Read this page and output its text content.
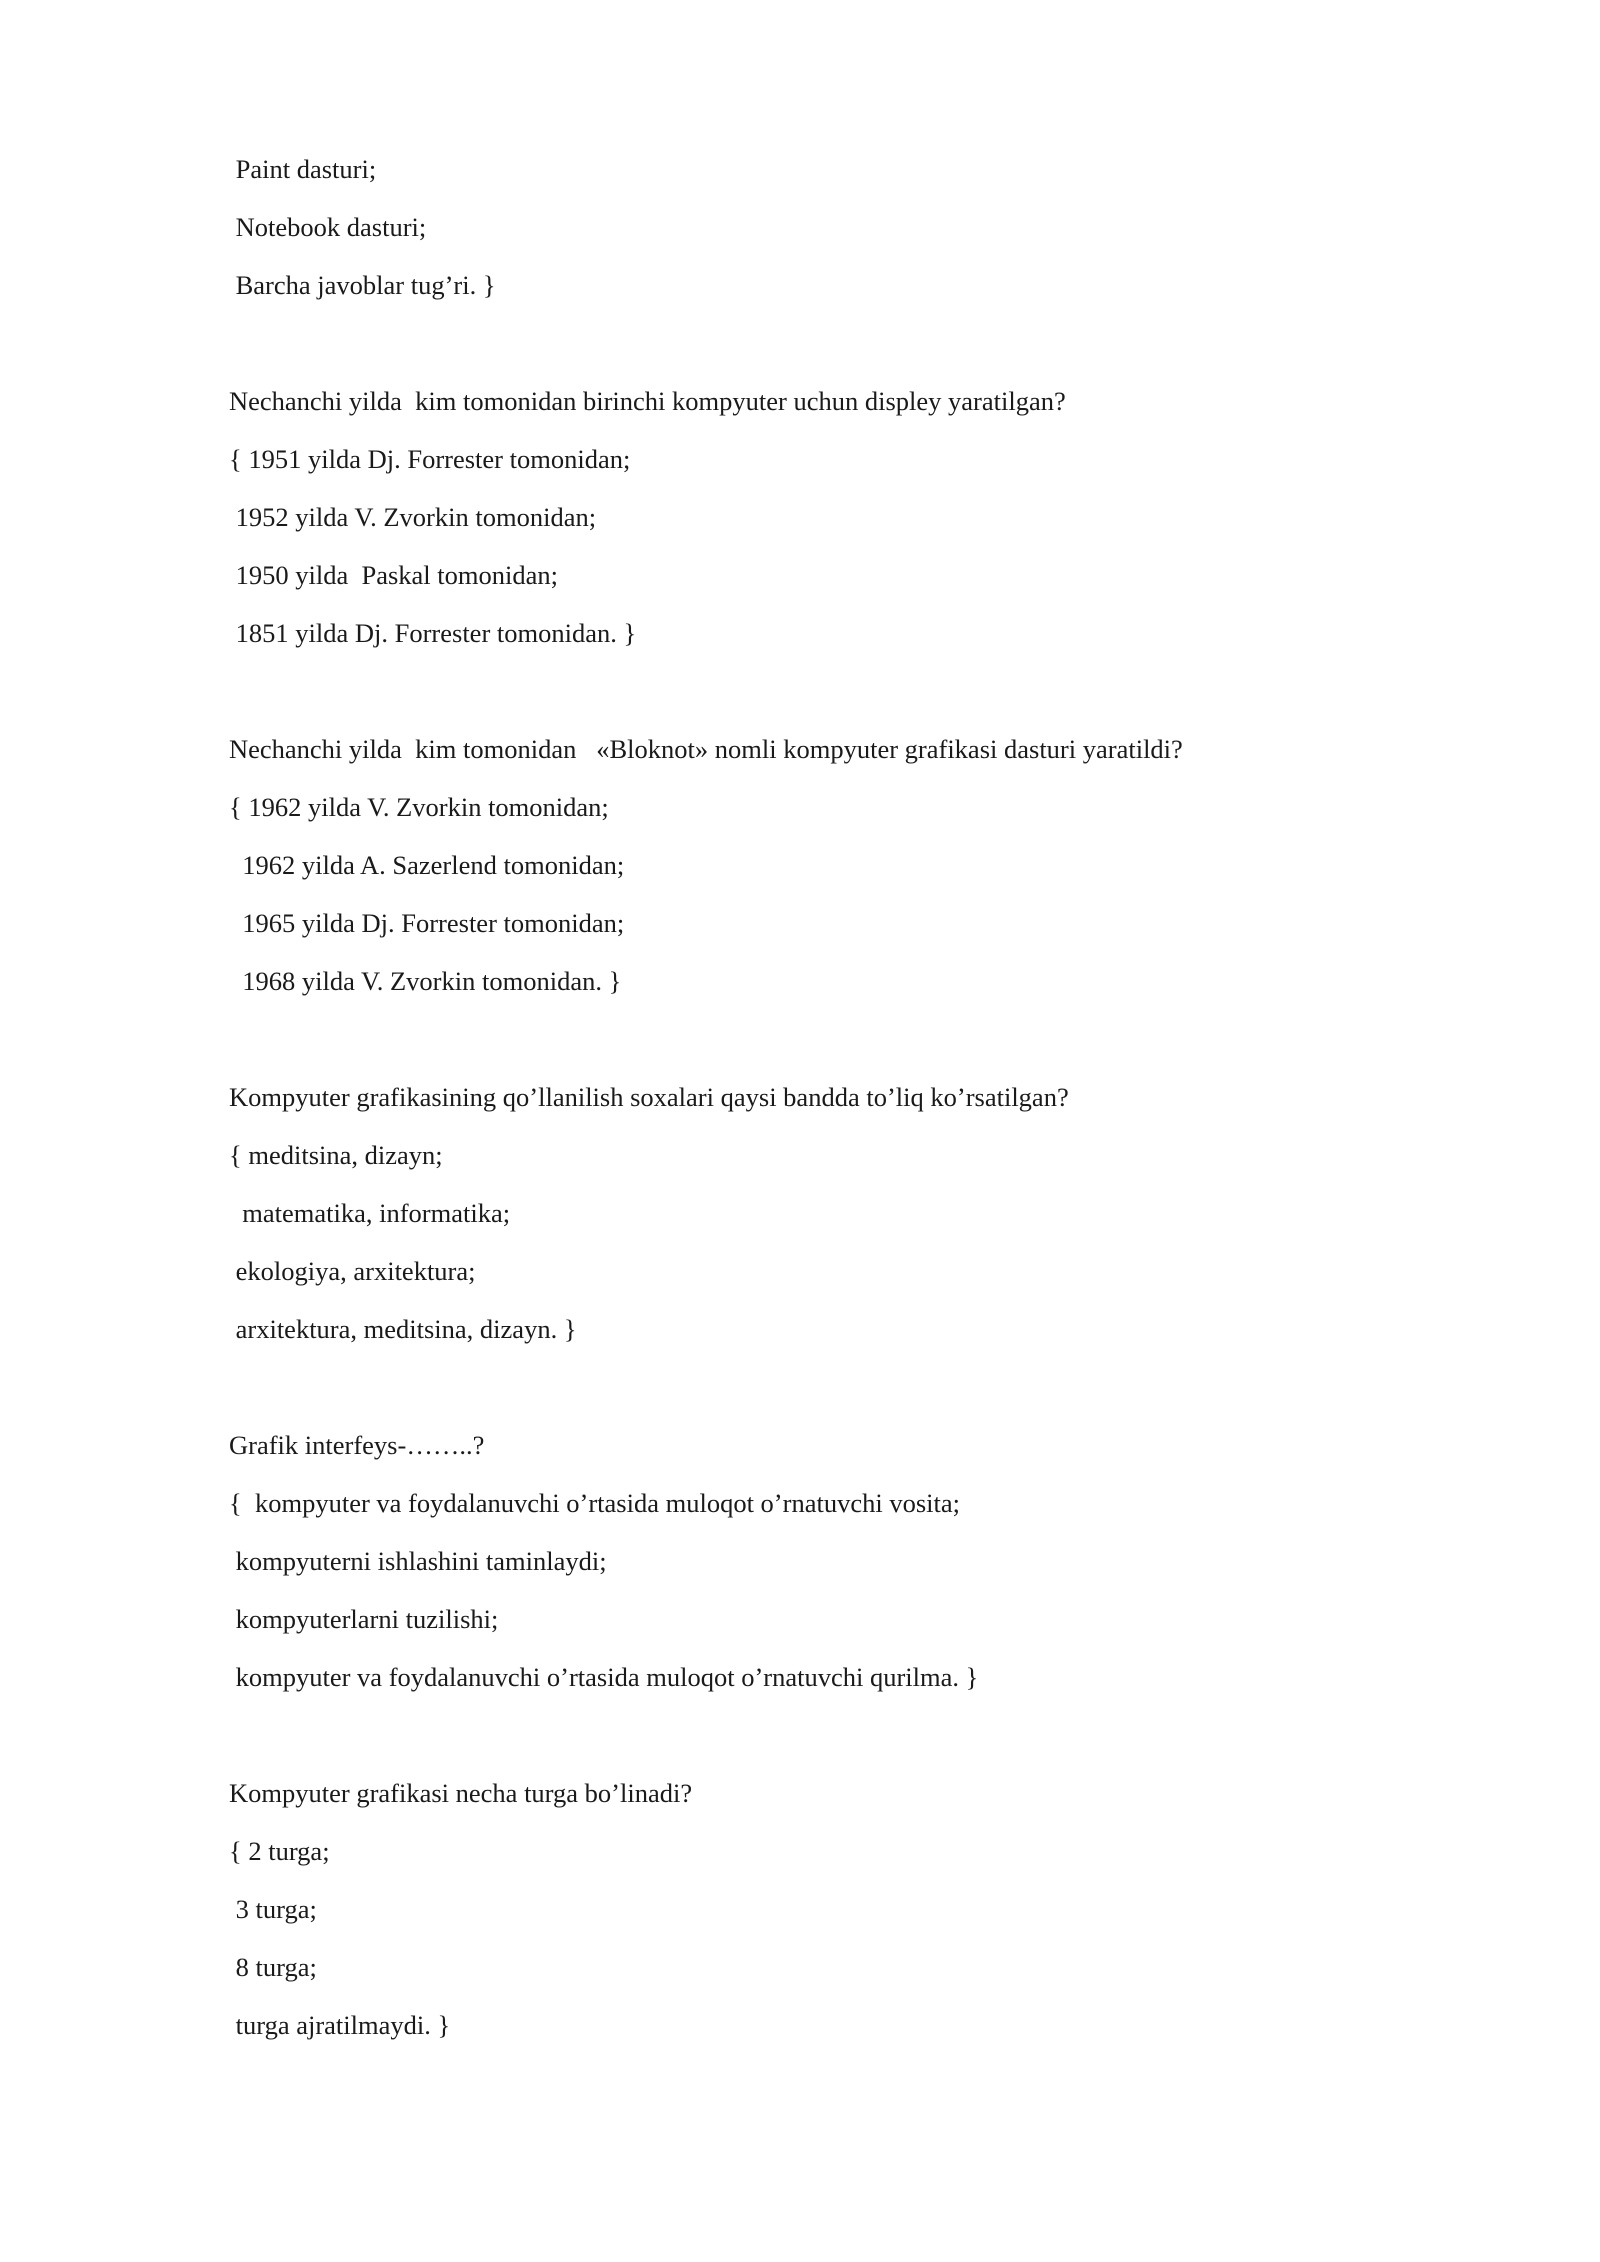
Paint dasturi;
Notebook dasturi;
Barcha javoblar tug’ri. }
Nechanchi yilda  kim tomonidan birinchi kompyuter uchun displey yaratilgan?
{ 1951 yilda Dj. Forrester tomonidan;
1952 yilda V. Zvorkin tomonidan;
1950 yilda  Paskal tomonidan;
1851 yilda Dj. Forrester tomonidan. }
Nechanchi yilda  kim tomonidan   «Bloknot» nomli kompyuter grafikasi dasturi yaratildi?
{ 1962 yilda V. Zvorkin tomonidan;
1962 yilda A. Sazerlend tomonidan;
1965 yilda Dj. Forrester tomonidan;
1968 yilda V. Zvorkin tomonidan. }
Kompyuter grafikasining qo’llanilish soxalari qaysi bandda to’liq ko’rsatilgan?
{ meditsina, dizayn;
matematika, informatika;
ekologiya, arxitektura;
arxitektura, meditsina, dizayn. }
Grafik interfeys-……..?
{  kompyuter va foydalanuvchi o’rtasida muloqot o’rnatuvchi vosita;
kompyuterni ishlashini taminlaydi;
kompyuterlarni tuzilishi;
kompyuter va foydalanuvchi o’rtasida muloqot o’rnatuvchi qurilma. }
Kompyuter grafikasi necha turga bo’linadi?
{ 2 turga;
3 turga;
8 turga;
turga ajratilmaydi. }
